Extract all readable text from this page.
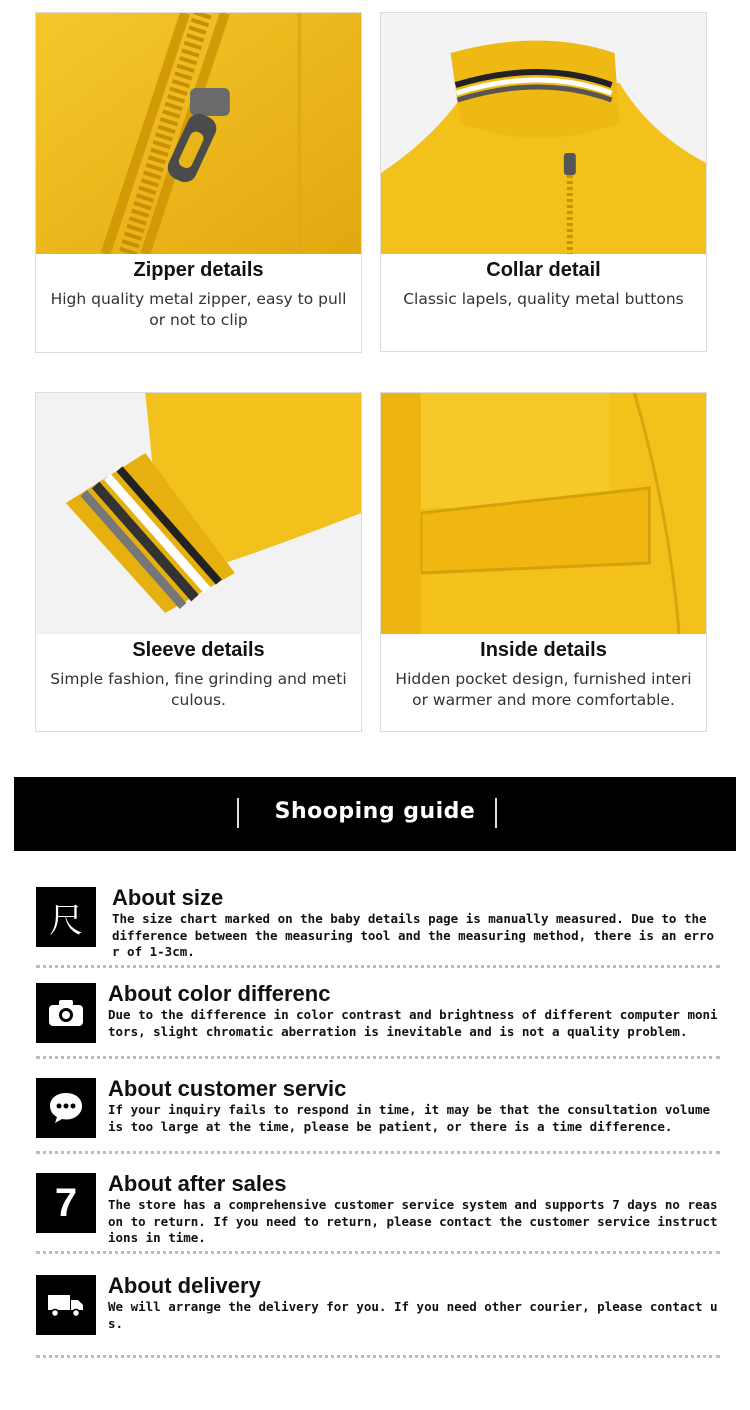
Zipper details
High quality metal zipper, easy to pull or not to clip
Collar detail
Classic lapels, quality metal buttons
Sleeve details
Simple fashion, fine grinding and meti culous.
Inside details
Hidden pocket design, furnished interi or warmer and more comfortable.
Shooping guide
尺
About size
The size chart marked on the baby details page is manually measured. Due to the difference between the measuring tool and the measuring method, there is an error of 1-3cm.
About color differenc
Due to the difference in color contrast and brightness of different computer monitors, slight chromatic aberration is inevitable and is not a quality problem.
About customer servic
If your inquiry fails to respond in time, it may be that the consultation volume is too large at the time, please be patient, or there is a time difference.
7 About after sales
The store has a comprehensive customer service system and supports 7 days no reason to return. If you need to return, please contact the customer service instructions in time.
About delivery
We will arrange the delivery for you. If you need other courier, please contact us.
